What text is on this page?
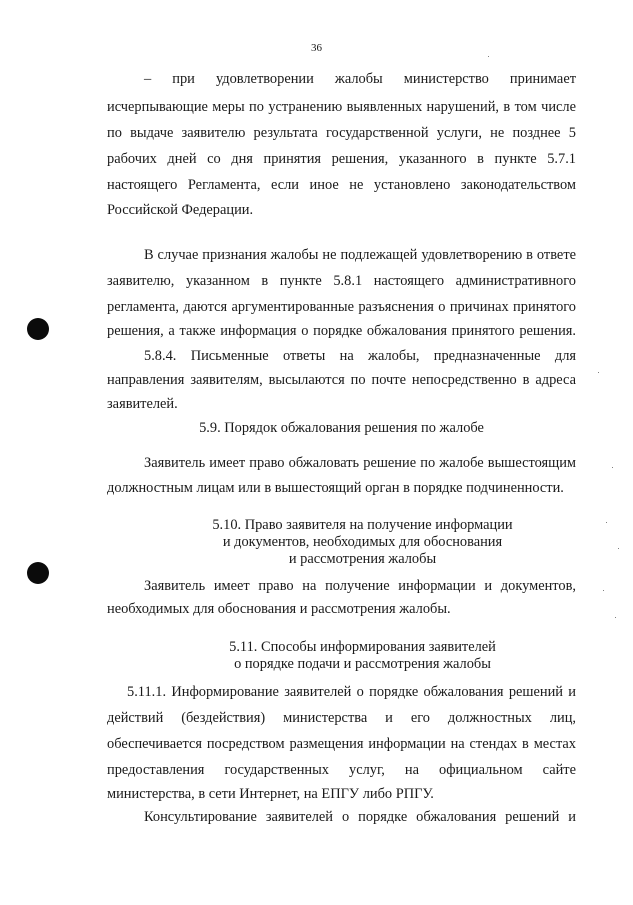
36
– при удовлетворении жалобы министерство принимает
исчерпывающие меры по устранению выявленных нарушений, в том числе
по выдаче заявителю результата государственной услуги, не позднее 5
рабочих дней со дня принятия решения, указанного в пункте 5.7.1
настоящего Регламента, если иное не установлено законодательством
Российской Федерации.
В случае признания жалобы не подлежащей удовлетворению в ответе
заявителю, указанном в пункте 5.8.1 настоящего административного
регламента, даются аргументированные разъяснения о причинах принятого
решения, а также информация о порядке обжалования принятого решения.
5.8.4. Письменные ответы на жалобы, предназначенные для
направления заявителям, высылаются по почте непосредственно в адреса
заявителей.
5.9. Порядок обжалования решения по жалобе
Заявитель имеет право обжаловать решение по жалобе вышестоящим
должностным лицам или в вышестоящий орган в порядке подчиненности.
5.10. Право заявителя на получение информации
и документов, необходимых для обоснования
и рассмотрения жалобы
Заявитель имеет право на получение информации и документов,
необходимых для обоснования и рассмотрения жалобы.
5.11. Способы информирования заявителей
о порядке подачи и рассмотрения жалобы
5.11.1. Информирование заявителей о порядке обжалования решений и
действий (бездействия) министерства и его должностных лиц,
обеспечивается посредством размещения информации на стендах в местах
предоставления государственных услуг, на официальном сайте
министерства, в сети Интернет, на ЕПГУ либо РПГУ.
Консультирование заявителей о порядке обжалования решений и
